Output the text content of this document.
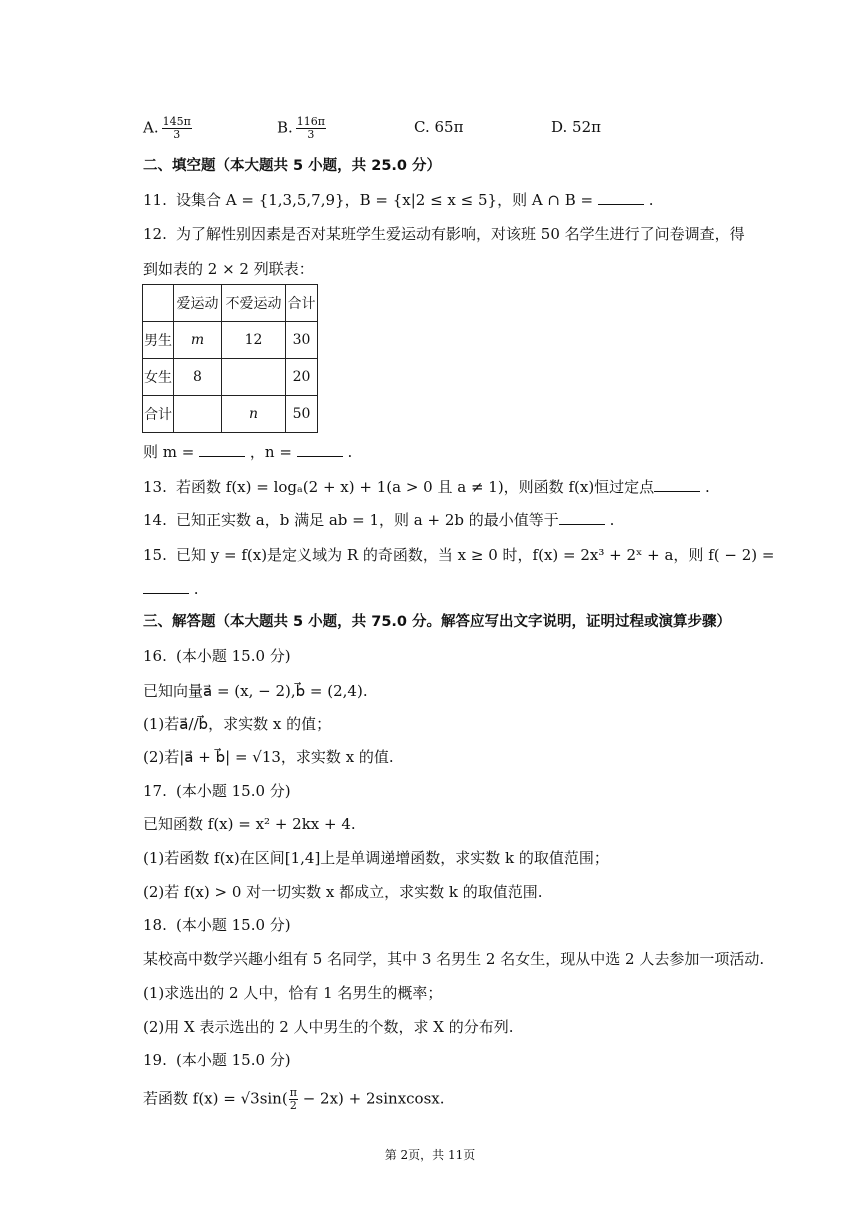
A. $\frac{145\pi}{3}$	B. $\frac{116\pi}{3}$	C. 65π	D. 52π
二、填空题（本大题共 5 小题，共 25.0 分）
11. 设集合 A = {1,3,5,7,9}，B = {x|2 ≤ x ≤ 5}，则 A ∩ B =	.
12. 为了解性别因素是否对某班学生爱运动有影响，对该班 50 名学生进行了问卷调查，得
到如表的 2 × 2 列联表：
	爱运动	不爱运动	合计
男生	m	12	30
女生	8		20
合计		n	50
则 m =	，n =	.
13. 若函数 f(x) = logₐ(2 + x) + 1(a > 0 且 a ≠ 1)，则函数 f(x)恒过定点	.
14. 已知正实数 a，b 满足 ab = 1，则 a + 2b 的最小值等于	.
15. 已知 y = f(x)是定义域为 R 的奇函数，当 x ≥ 0 时，f(x) = 2x³ + 2ˣ + a，则 f( − 2) =
.
三、解答题（本大题共 5 小题，共 75.0 分。解答应写出文字说明，证明过程或演算步骤）
16. (本小题 15.0 分)
已知向量a⃗ = (x, − 2),b⃗ = (2,4).
(1)若a⃗//b⃗，求实数 x 的值；
(2)若|a⃗ + b⃗| = √13，求实数 x 的值.
17. (本小题 15.0 分)
已知函数 f(x) = x² + 2kx + 4.
(1)若函数 f(x)在区间[1,4]上是单调递增函数，求实数 k 的取值范围；
(2)若 f(x) > 0 对一切实数 x 都成立，求实数 k 的取值范围.
18. (本小题 15.0 分)
某校高中数学兴趣小组有 5 名同学，其中 3 名男生 2 名女生，现从中选 2 人去参加一项活动.
(1)求选出的 2 人中，恰有 1 名男生的概率；
(2)用 X 表示选出的 2 人中男生的个数，求 X 的分布列.
19. (本小题 15.0 分)
若函数 $f(x) = √3\sin( \frac{\pi}{2} - 2x)$ + 2sinxcosx.
第 2页，共 11页
